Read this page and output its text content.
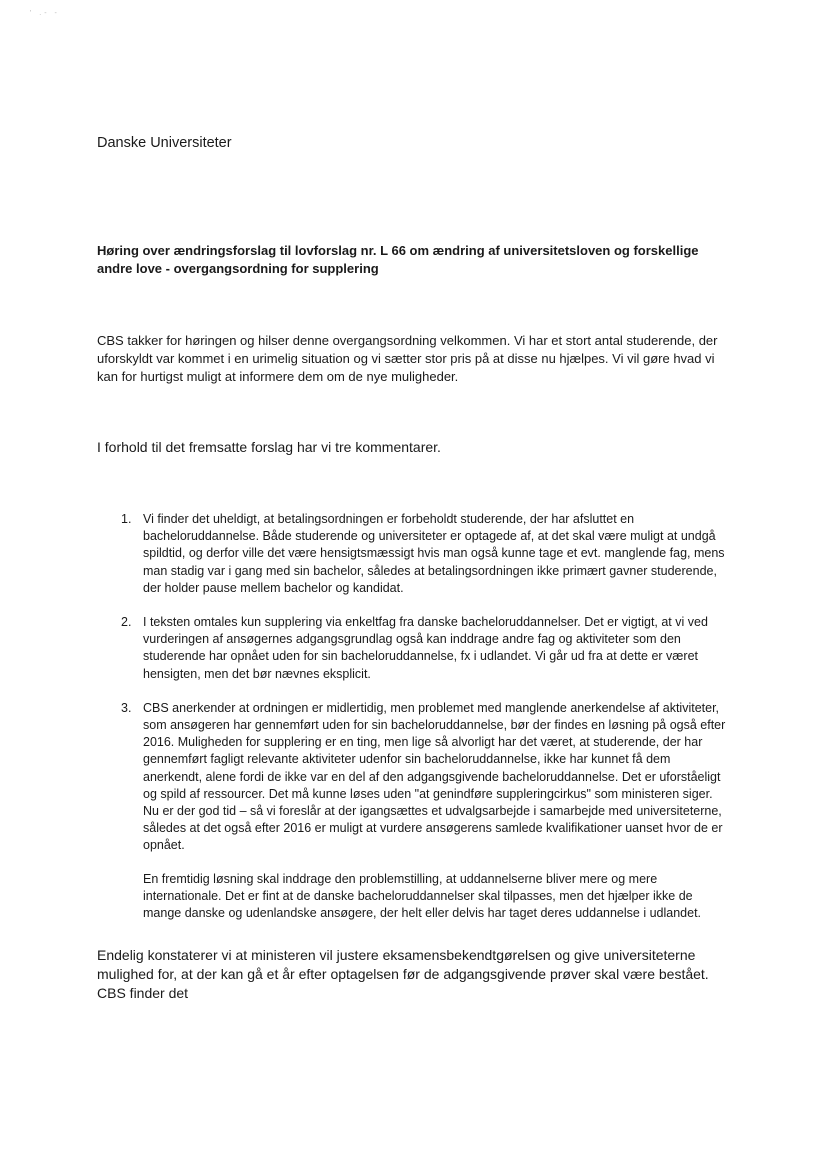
' .- -
Danske Universiteter
Høring over ændringsforslag til lovforslag nr. L 66 om ændring af universitetsloven og forskellige andre love - overgangsordning for supplering
CBS takker for høringen og hilser denne overgangsordning velkommen. Vi har et stort antal studerende, der uforskyldt var kommet i en urimelig situation og vi sætter stor pris på at disse nu hjælpes. Vi vil gøre hvad vi kan for hurtigst muligt at informere dem om de nye muligheder.
I forhold til det fremsatte forslag har vi tre kommentarer.
1. Vi finder det uheldigt, at betalingsordningen er forbeholdt studerende, der har afsluttet en bacheloruddannelse. Både studerende og universiteter er optagede af, at det skal være muligt at undgå spildtid, og derfor ville det være hensigtsmæssigt hvis man også kunne tage et evt. manglende fag, mens man stadig var i gang med sin bachelor, således at betalingsordningen ikke primært gavner studerende, der holder pause mellem bachelor og kandidat.
2. I teksten omtales kun supplering via enkeltfag fra danske bacheloruddannelser. Det er vigtigt, at vi ved vurderingen af ansøgernes adgangsgrundlag også kan inddrage andre fag og aktiviteter som den studerende har opnået uden for sin bacheloruddannelse, fx i udlandet. Vi går ud fra at dette er været hensigten, men det bør nævnes eksplicit.
3. CBS anerkender at ordningen er midlertidig, men problemet med manglende anerkendelse af aktiviteter, som ansøgeren har gennemført uden for sin bacheloruddannelse, bør der findes en løsning på også efter 2016. Muligheden for supplering er en ting, men lige så alvorligt har det været, at studerende, der har gennemført fagligt relevante aktiviteter udenfor sin bacheloruddannelse, ikke har kunnet få dem anerkendt, alene fordi de ikke var en del af den adgangsgivende bacheloruddannelse. Det er uforståeligt og spild af ressourcer. Det må kunne løses uden "at genindføre suppleringcirkus" som ministeren siger. Nu er der god tid – så vi foreslår at der igangsættes et udvalgsarbejde i samarbejde med universiteterne, således at det også efter 2016 er muligt at vurdere ansøgerens samlede kvalifikationer uanset hvor de er opnået.
En fremtidig løsning skal inddrage den problemstilling, at uddannelserne bliver mere og mere internationale. Det er fint at de danske bacheloruddannelser skal tilpasses, men det hjælper ikke de mange danske og udenlandske ansøgere, der helt eller delvis har taget deres uddannelse i udlandet.
Endelig konstaterer vi at ministeren vil justere eksamensbekendtgørelsen og give universiteterne mulighed for, at der kan gå et år efter optagelsen før de adgangsgivende prøver skal være bestået. CBS finder det
